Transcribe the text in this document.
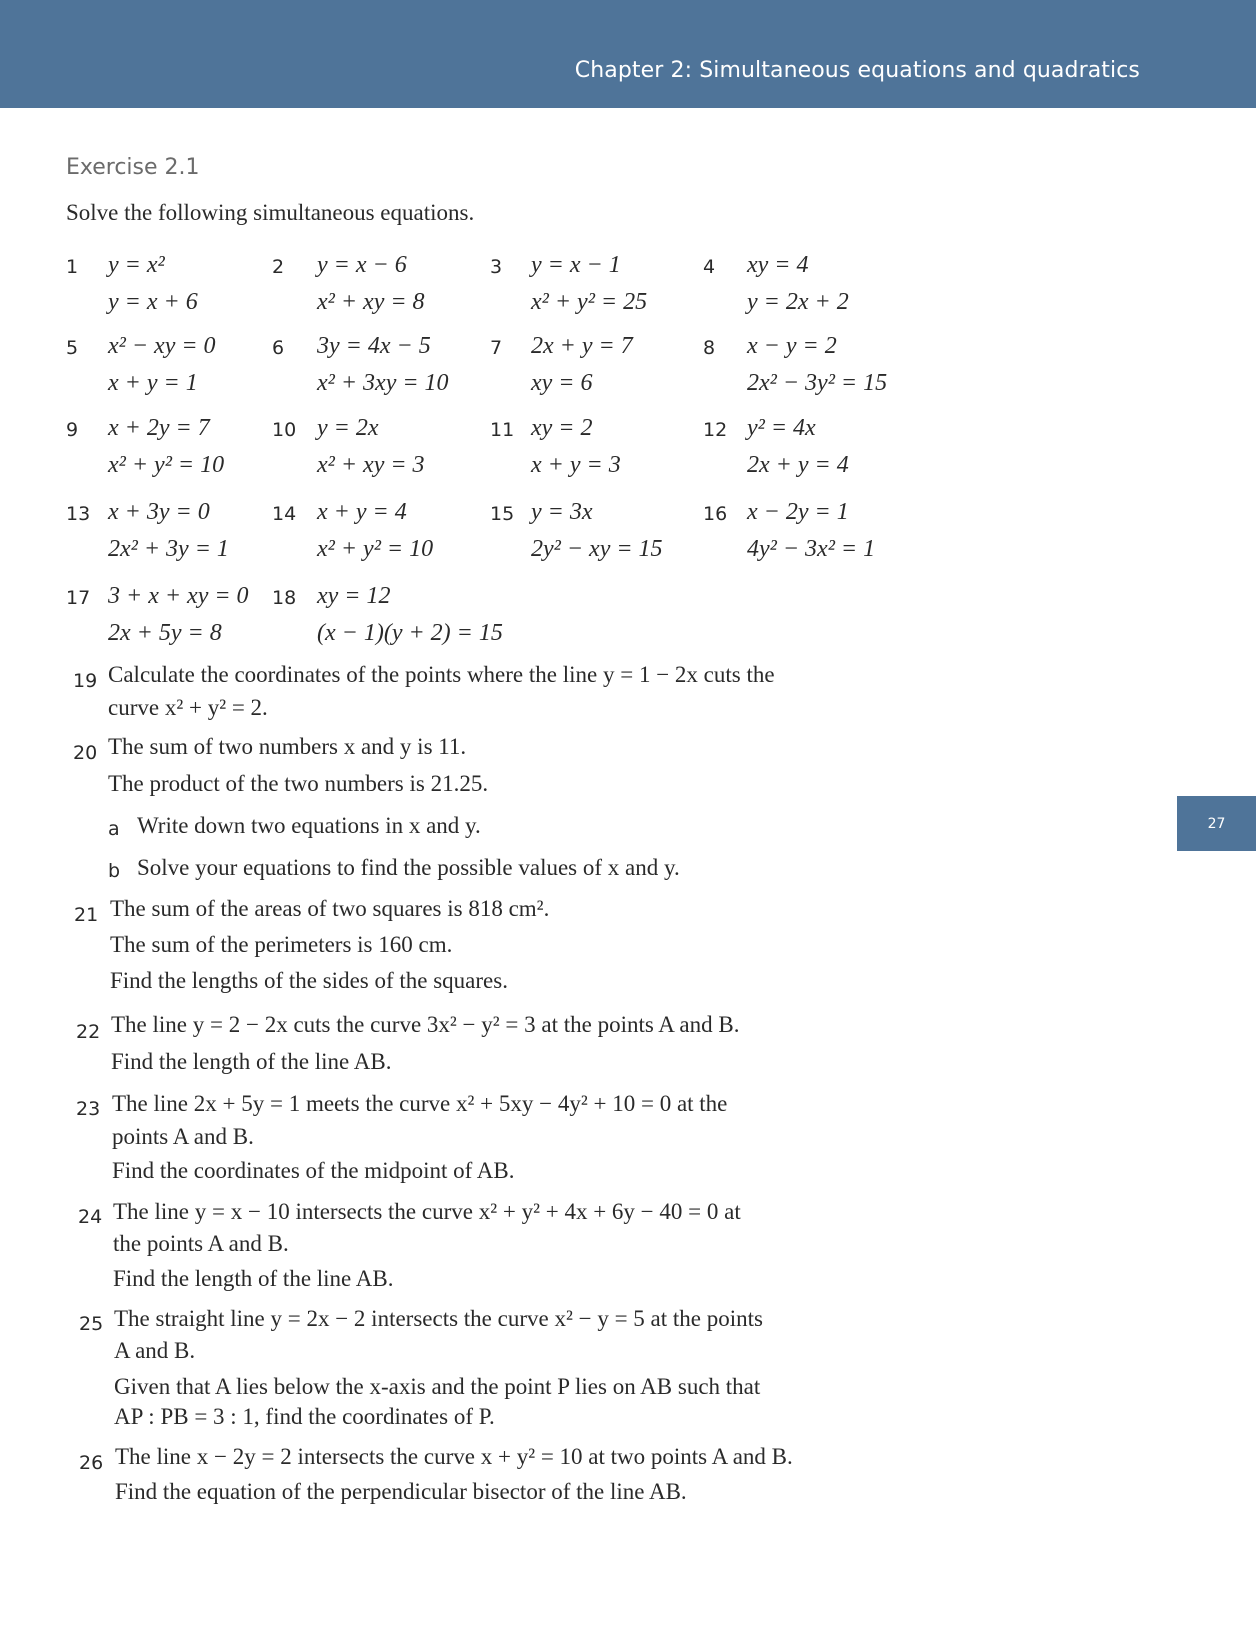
Chapter 2: Simultaneous equations and quadratics
27
Exercise 2.1
Solve the following simultaneous equations.
1 y = x²
y = x + 6
2 y = x − 6
x² + xy = 8
3 y = x − 1
x² + y² = 25
4 xy = 4
y = 2x + 2
5 x² − xy = 0
x + y = 1
6 3y = 4x − 5
x² + 3xy = 10
7 2x + y = 7
xy = 6
8 x − y = 2
2x² − 3y² = 15
9 x + 2y = 7
x² + y² = 10
10 y = 2x
x² + xy = 3
11 xy = 2
x + y = 3
12 y² = 4x
2x + y = 4
13 x + 3y = 0
2x² + 3y = 1
14 x + y = 4
x² + y² = 10
15 y = 3x
2y² − xy = 15
16 x − 2y = 1
4y² − 3x² = 1
17 3 + x + xy = 0
2x + 5y = 8
18 xy = 12
(x − 1)(y + 2) = 15
19 Calculate the coordinates of the points where the line y = 1 − 2x cuts the
curve x² + y² = 2.
20 The sum of two numbers x and y is 11.
The product of the two numbers is 21.25.
a Write down two equations in x and y.
b Solve your equations to find the possible values of x and y.
21 The sum of the areas of two squares is 818 cm².
The sum of the perimeters is 160 cm.
Find the lengths of the sides of the squares.
22 The line y = 2 − 2x cuts the curve 3x² − y² = 3 at the points A and B.
Find the length of the line AB.
23 The line 2x + 5y = 1 meets the curve x² + 5xy − 4y² + 10 = 0 at the
points A and B.
Find the coordinates of the midpoint of AB.
24 The line y = x − 10 intersects the curve x² + y² + 4x + 6y − 40 = 0 at
the points A and B.
Find the length of the line AB.
25 The straight line y = 2x − 2 intersects the curve x² − y = 5 at the points
A and B.
Given that A lies below the x-axis and the point P lies on AB such that
AP : PB = 3 : 1, find the coordinates of P.
26 The line x − 2y = 2 intersects the curve x + y² = 10 at two points A and B.
Find the equation of the perpendicular bisector of the line AB.
